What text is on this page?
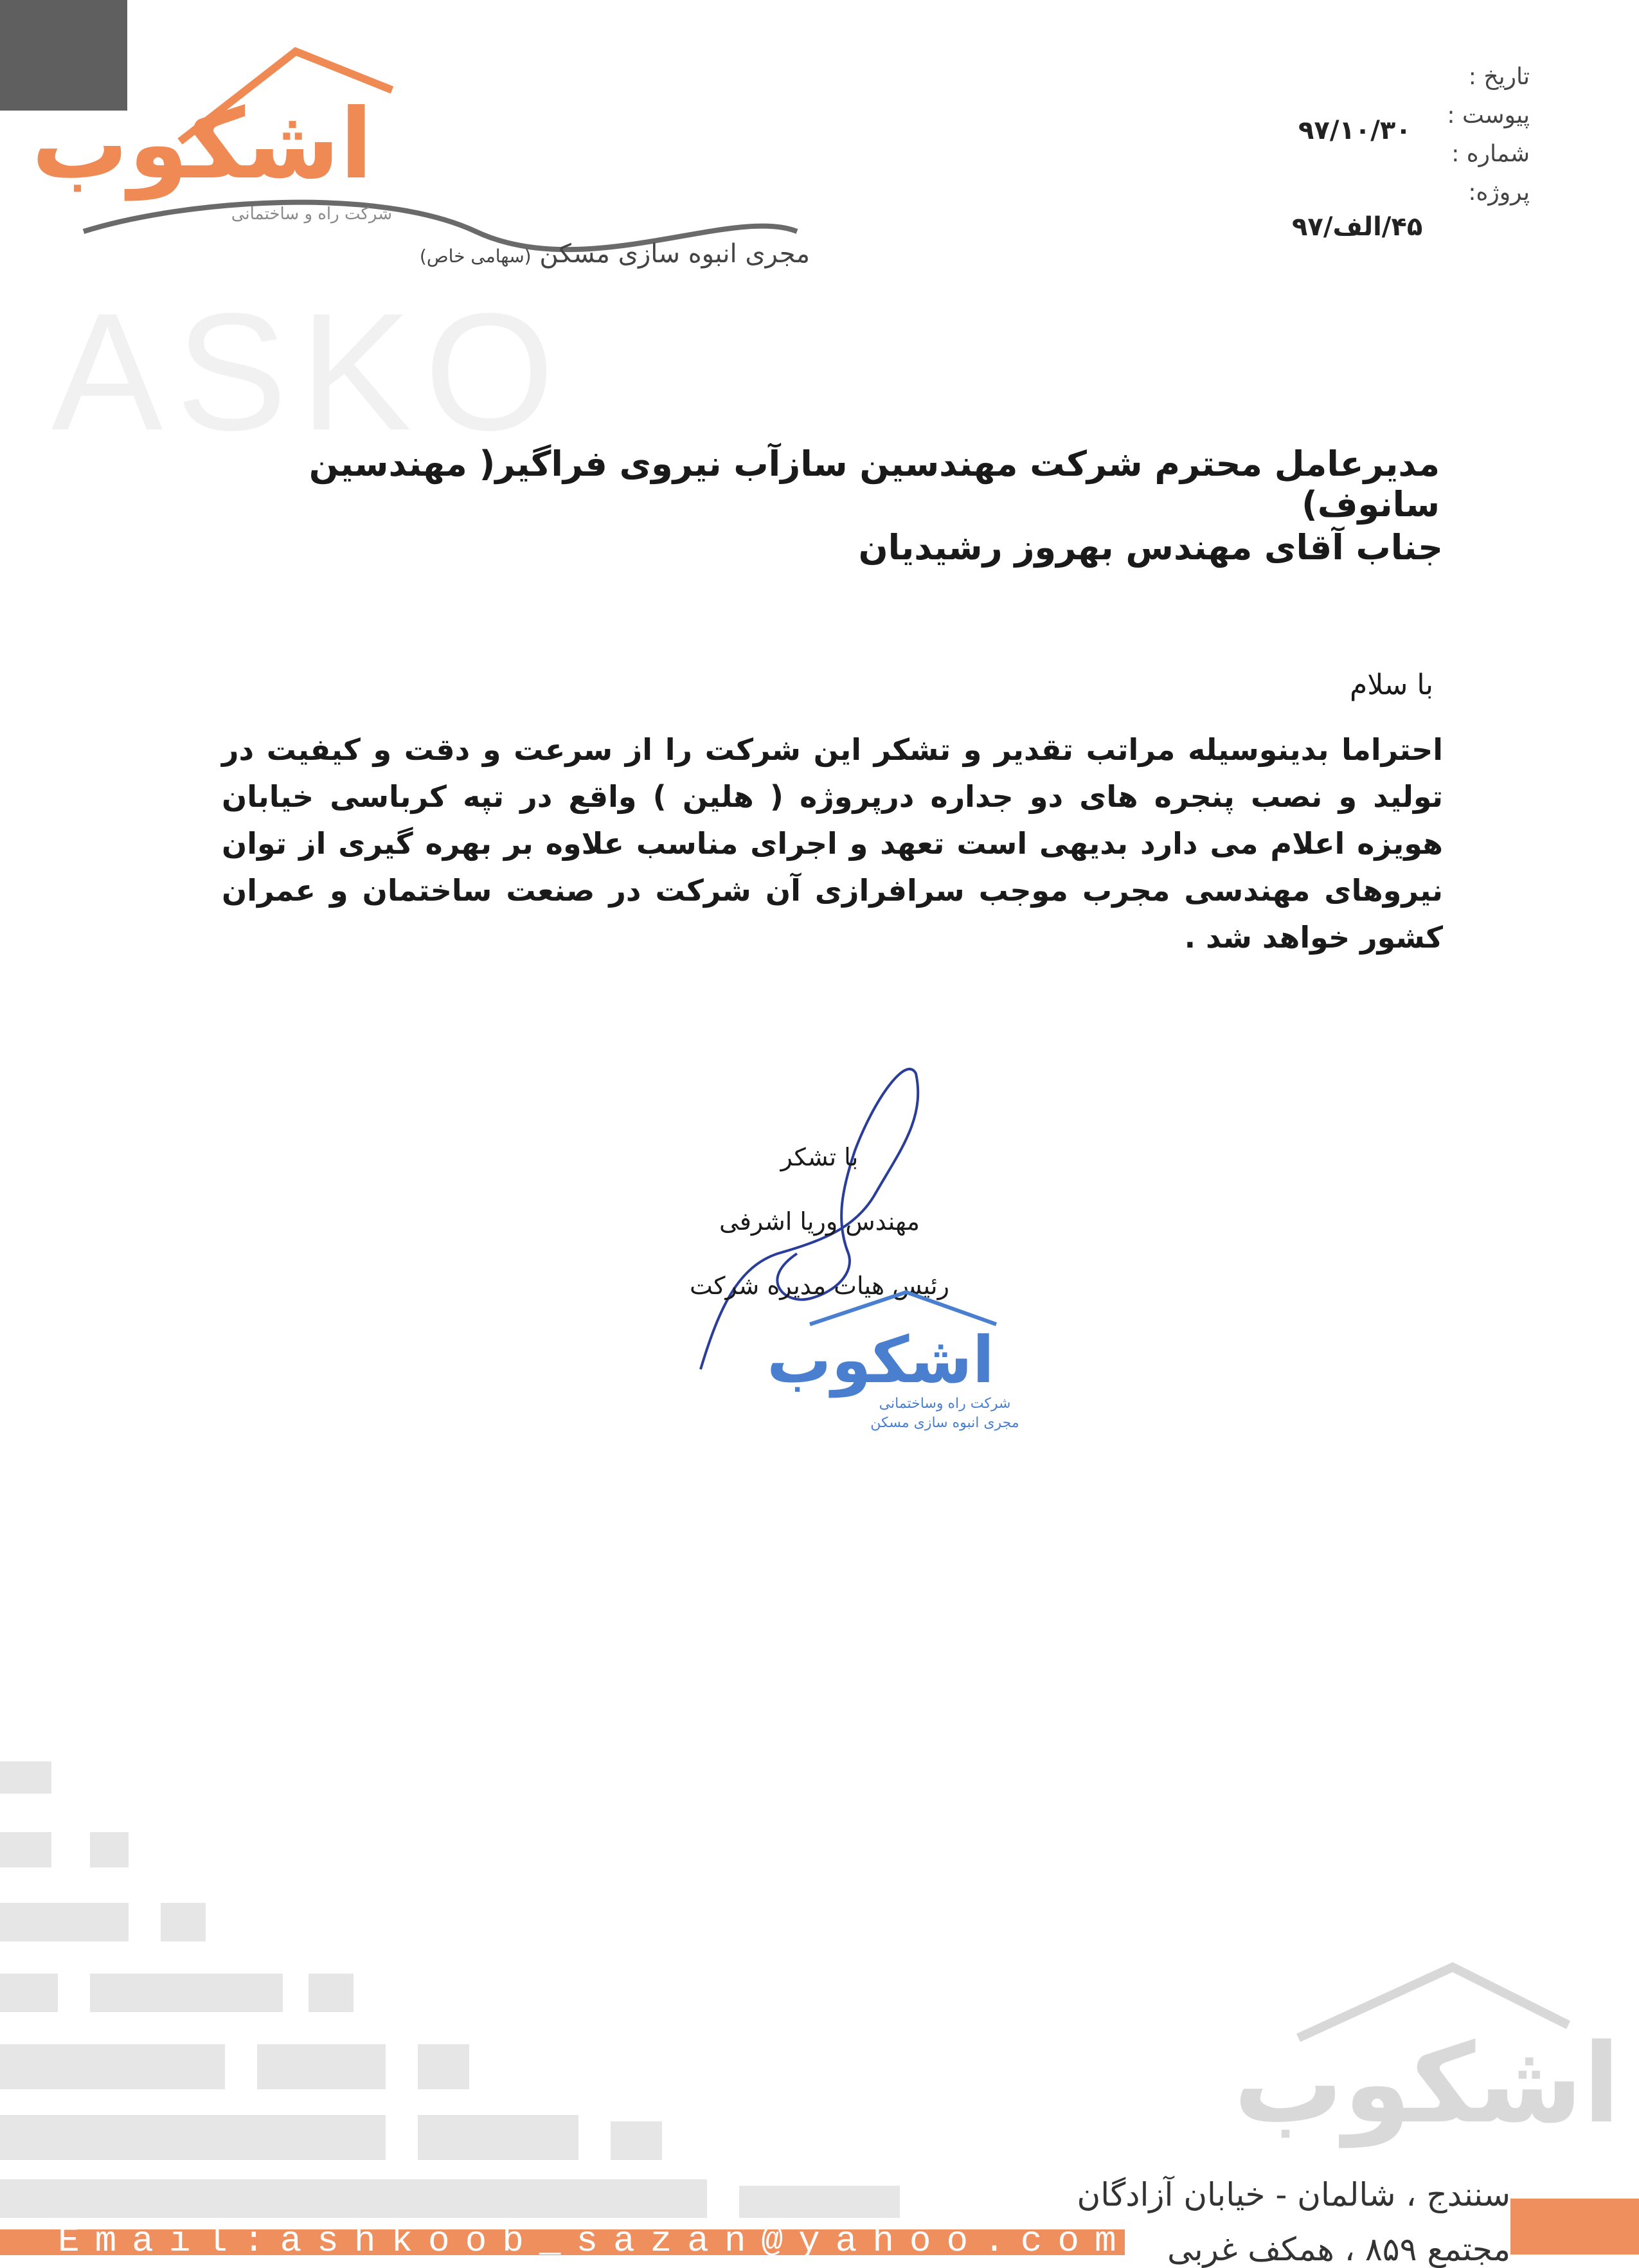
اشکوب
شرکت راه و ساختمانی
مجری انبوه سازی مسکن (سهامی خاص)
ASKO
تاریخ :
پیوست :
شماره :
پروژه:
۹۷/۱۰/۳۰
۴۵/الف/۹۷
مدیرعامل محترم شرکت مهندسین سازآب نیروی فراگیر( مهندسین سانوف)
جناب آقای مهندس بهروز رشیدیان
با سلام
احتراما بدینوسیله مراتب تقدیر و تشکر این شرکت را از سرعت و دقت و کیفیت در تولید و نصب پنجره های دو جداره درپروژه ( هلین ) واقع در تپه کرباسی خیابان هویزه اعلام می دارد بدیهی است تعهد و اجرای مناسب علاوه بر بهره گیری از توان نیروهای مهندسی مجرب موجب سرافرازی آن شرکت در صنعت ساختمان و عمران کشور خواهد شد .
با تشکر
مهندس وریا اشرفی
رئیس هیات مدیره شرکت
اشکوب
شرکت راه وساختمانی
مجری انبوه سازی مسکن
اشکوب
سنندج ، شالمان - خیابان آزادگان
Email:ashkoob_sazan@yahoo.com	مجتمع ۸۵۹ ، همکف غربی
